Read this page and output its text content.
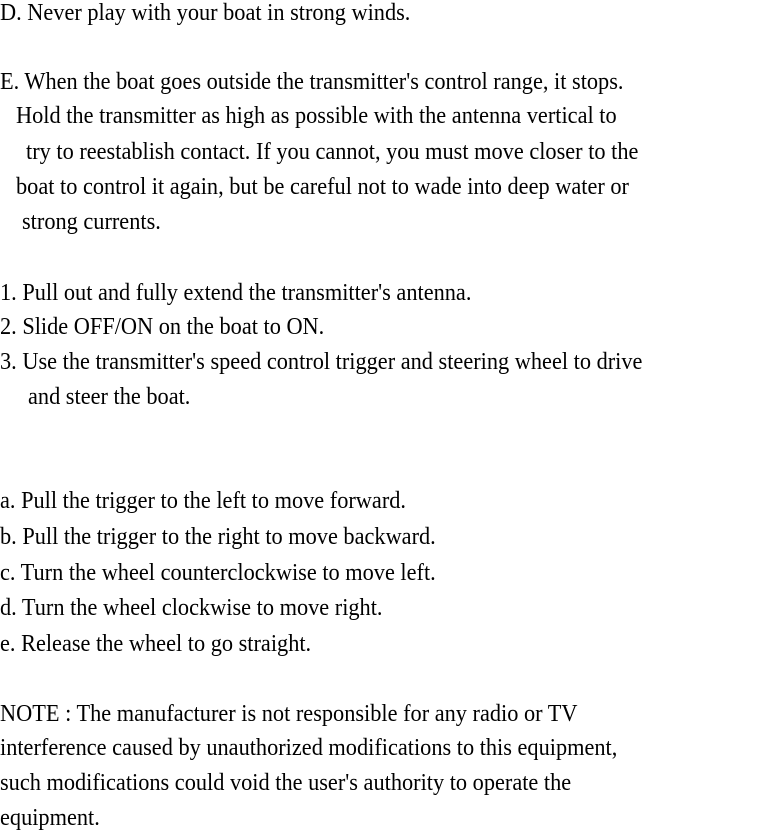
D. Never play with your boat in strong winds.
E. When the boat goes outside the transmitter's control range, it stops.
Hold the transmitter as high as possible with the antenna vertical to
try to reestablish contact. If you cannot, you must move closer to the
boat to control it again, but be careful not to wade into deep water or
strong currents.
1. Pull out and fully extend the transmitter's antenna.
2. Slide OFF/ON on the boat to ON.
3. Use the transmitter's speed control trigger and steering wheel to drive
and steer the boat.
a. Pull the trigger to the left to move forward.
b. Pull the trigger to the right to move backward.
c. Turn the wheel counterclockwise to move left.
d. Turn the wheel clockwise to move right.
e. Release the wheel to go straight.
NOTE : The manufacturer is not responsible for any radio or TV
interference caused by unauthorized modifications to this equipment,
such modifications could void the user's authority to operate the
equipment.
